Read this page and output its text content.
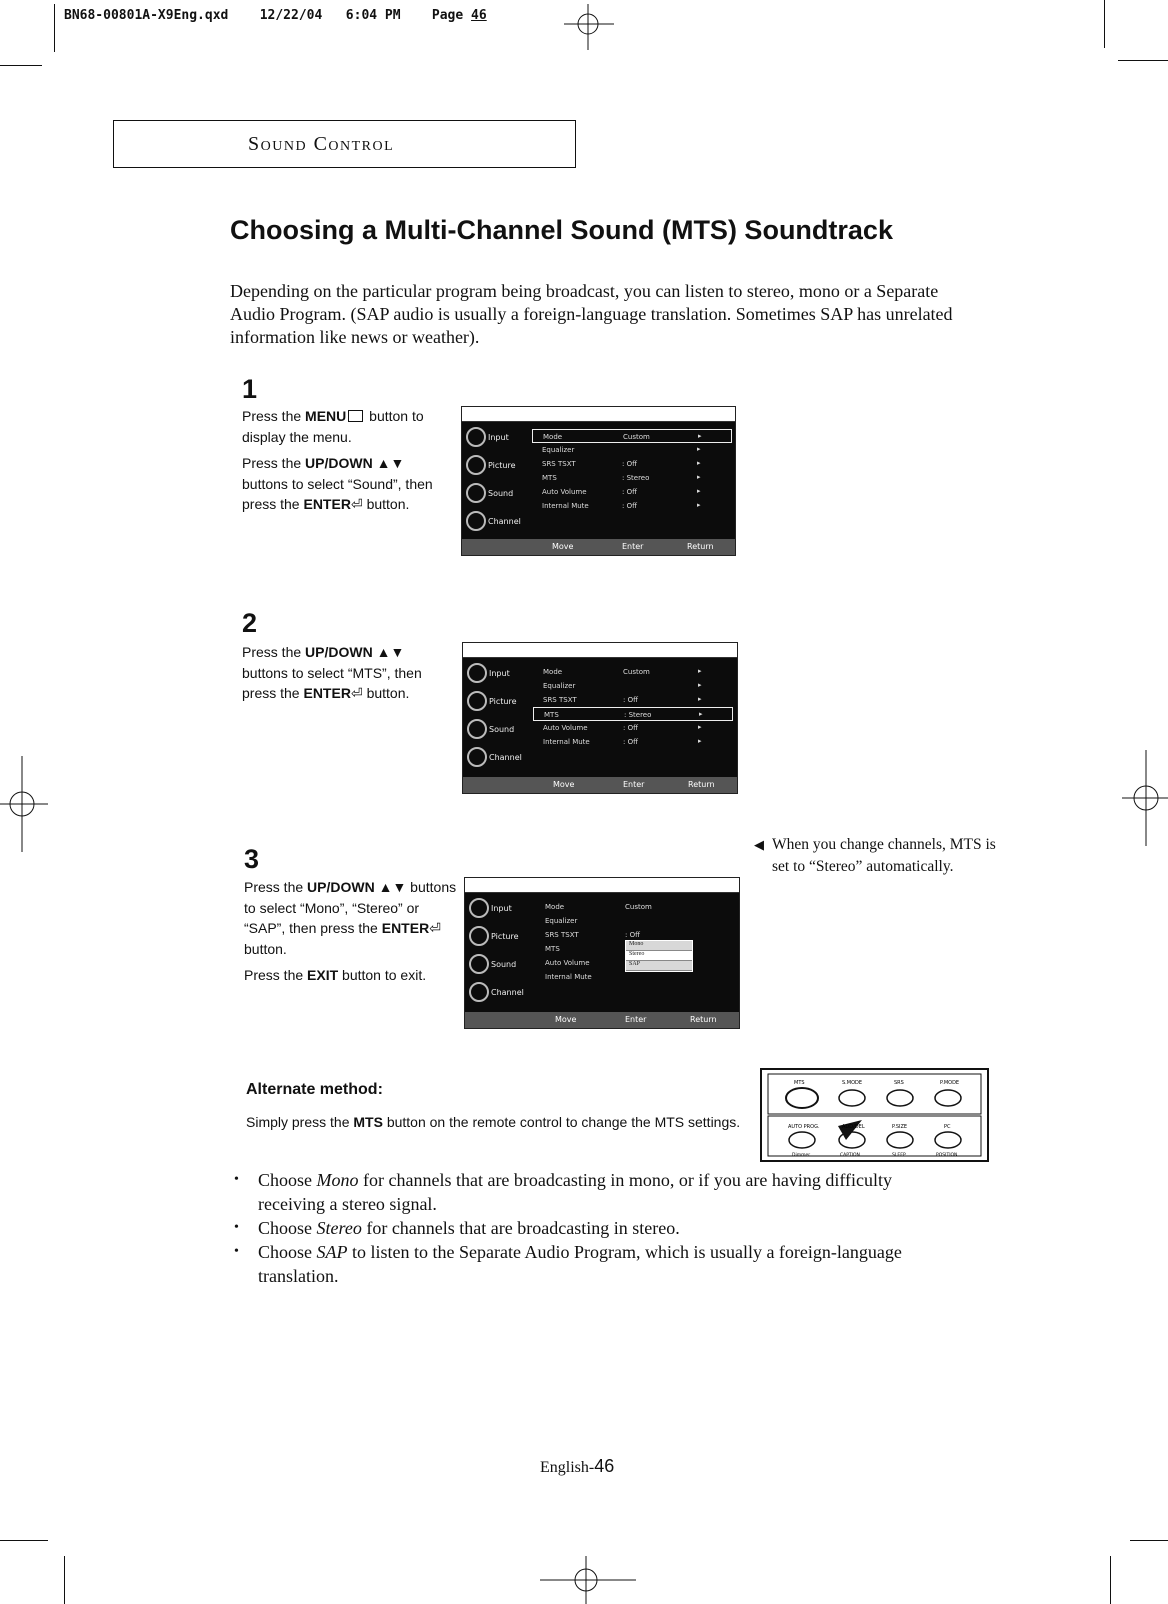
BN68-00801A-X9Eng.qxd 12/22/04 6:04 PM Page 46
Sound Control
Choosing a Multi-Channel Sound (MTS) Soundtrack
Depending on the particular program being broadcast, you can listen to stereo, mono or a Separate Audio Program. (SAP audio is usually a foreign-language translation. Sometimes SAP has unrelated information like news or weather).
1

Press the MENU button to display the menu.

Press the UP/DOWN ▲▼ buttons to select “Sound”, then press the ENTER⏎ button.

Input
Picture
Sound
Channel
Mode	Custom	▸
Equalizer	▸
SRS TSXT	: Off	▸
MTS	: Stereo	▸
Auto Volume	: Off	▸
Internal Mute	: Off	▸
Move	Enter	Return
2

Press the UP/DOWN ▲▼ buttons to select “MTS”, then press the ENTER⏎ button.

Input
Picture
Sound
Channel
Mode	Custom	▸
Equalizer	▸
SRS TSXT	: Off	▸
MTS	: Stereo	▸
Auto Volume	: Off	▸
Internal Mute	: Off	▸
Move	Enter	Return
3

Press the UP/DOWN ▲▼ buttons to select “Mono”, “Stereo” or “SAP”, then press the ENTER⏎ button.

Press the EXIT button to exit.

Input
Picture
Sound
Channel
Mode	Custom
Equalizer
SRS TSXT	: Off
MTS
Auto Volume
Internal Mute
Mono
Stereo
SAP
Move	Enter	Return
◀ When you change channels, MTS is set to “Stereo” automatically.
Alternate method:
Simply press the MTS button on the remote control to change the MTS settings.
MTS	S.MODE	SRS	P.MODE
AUTO PROG.	ADD/DEL	P.SIZE	PC
Dimmer	CAPTION	SLEEP	POSITION
• Choose Mono for channels that are broadcasting in mono, or if you are having difficulty receiving a stereo signal.
• Choose Stereo for channels that are broadcasting in stereo.
• Choose SAP to listen to the Separate Audio Program, which is usually a foreign-language translation.
English-46
